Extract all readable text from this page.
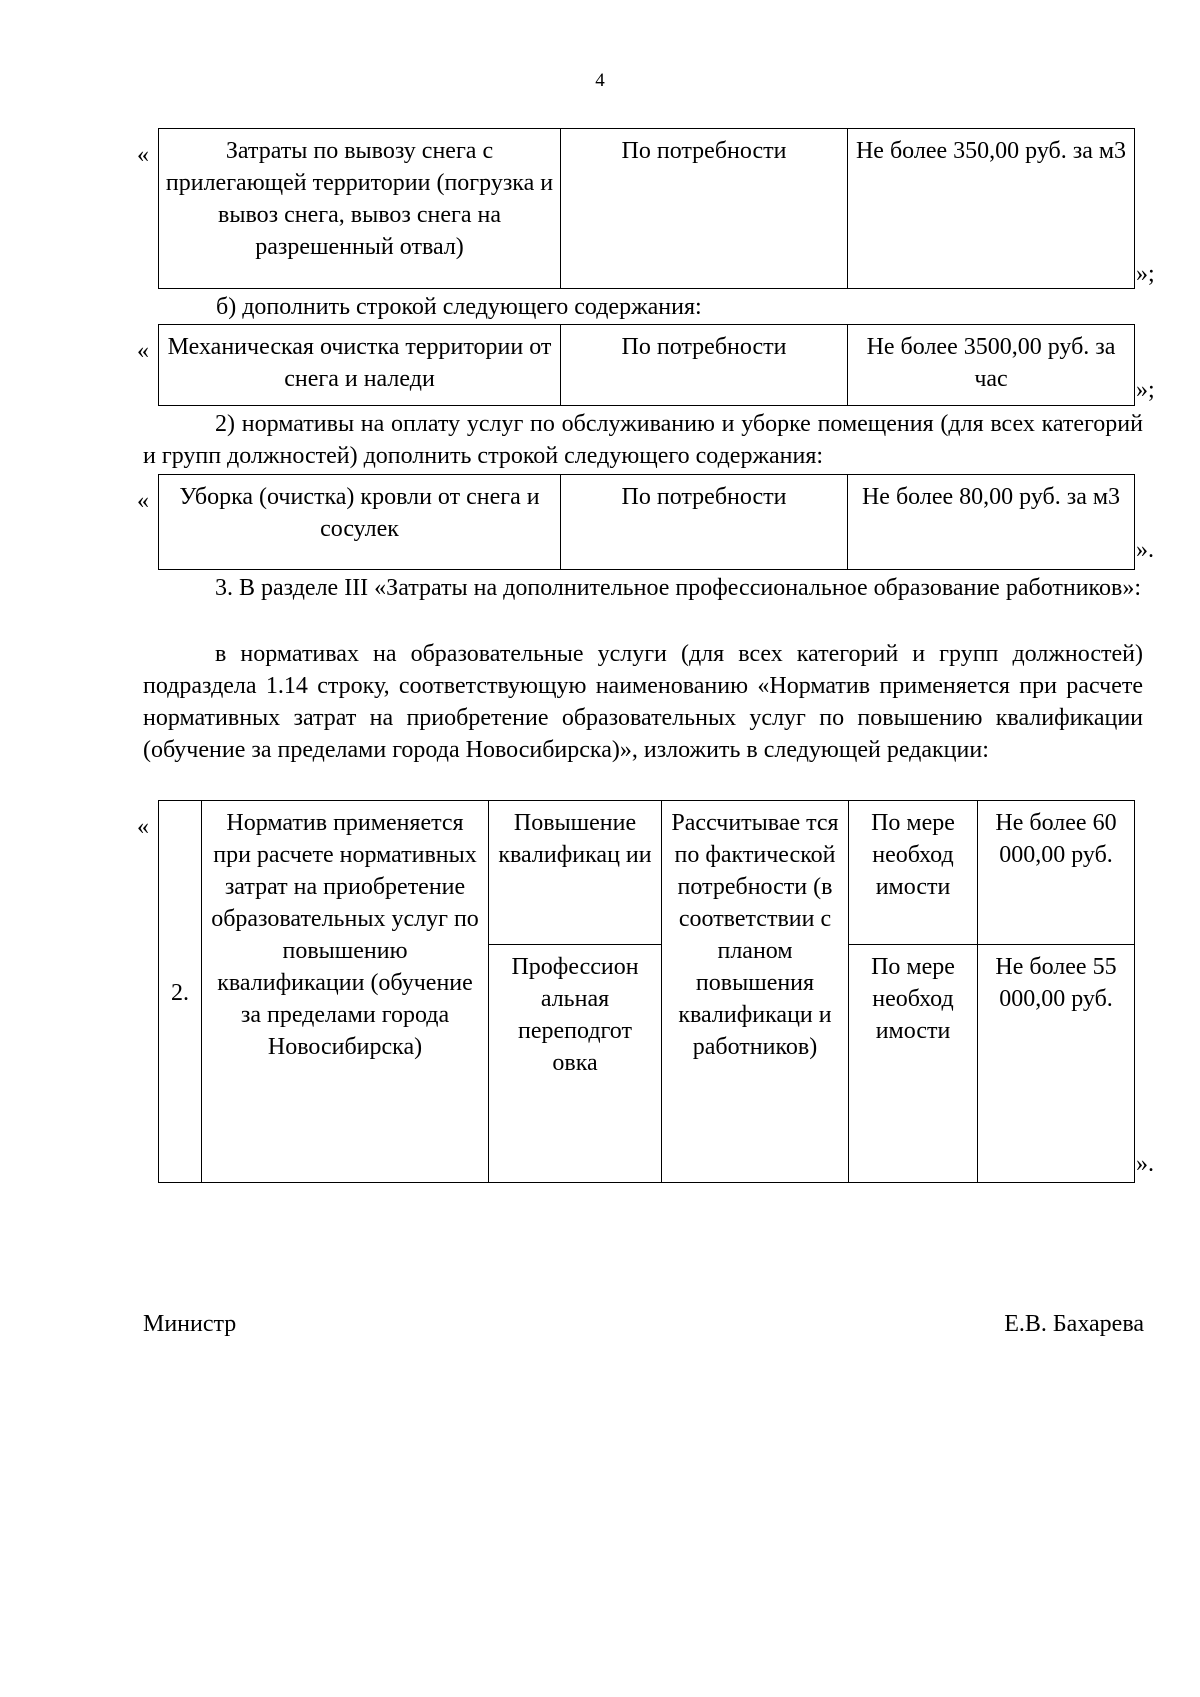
4
«	Затраты по вывозу снега с прилегающей территории (погрузка и вывоз снега, вывоз снега на разрешенный отвал)	По потребности	Не более 350,00 руб. за м3
»;
б) дополнить строкой следующего содержания:
« Механическая очистка территории от снега и наледи	По потребности	Не более 3500,00 руб. за час	»;
2) нормативы на оплату услуг по обслуживанию и уборке помещения (для всех категорий и групп должностей) дополнить строкой следующего содержания:
« Уборка (очистка) кровли от снега и сосулек	По потребности	Не более 80,00 руб. за м3
».
3. В разделе III «Затраты на дополнительное профессиональное образование работников»:
в нормативах на образовательные услуги (для всех категорий и групп должностей) подраздела 1.14 строку, соответствующую наименованию «Норматив применяется при расчете нормативных затрат на приобретение образовательных услуг по повышению квалификации (обучение за пределами города Новосибирска)», изложить в следующей редакции:
«
2.	Норматив применяется при расчете нормативных затрат на приобретение образовательных услуг по повышению квалификации (обучение за пределами города Новосибирска)	Повышение квалификац ии	Рассчитывае тся по фактической потребности (в соответствии с планом повышения квалификаци и работников)	По мере необход имости	Не более 60 000,00 руб.
		Профессион альная переподгот овка		По мере необход имости	Не более 55 000,00 руб.
».
Министр	Е.В. Бахарева
